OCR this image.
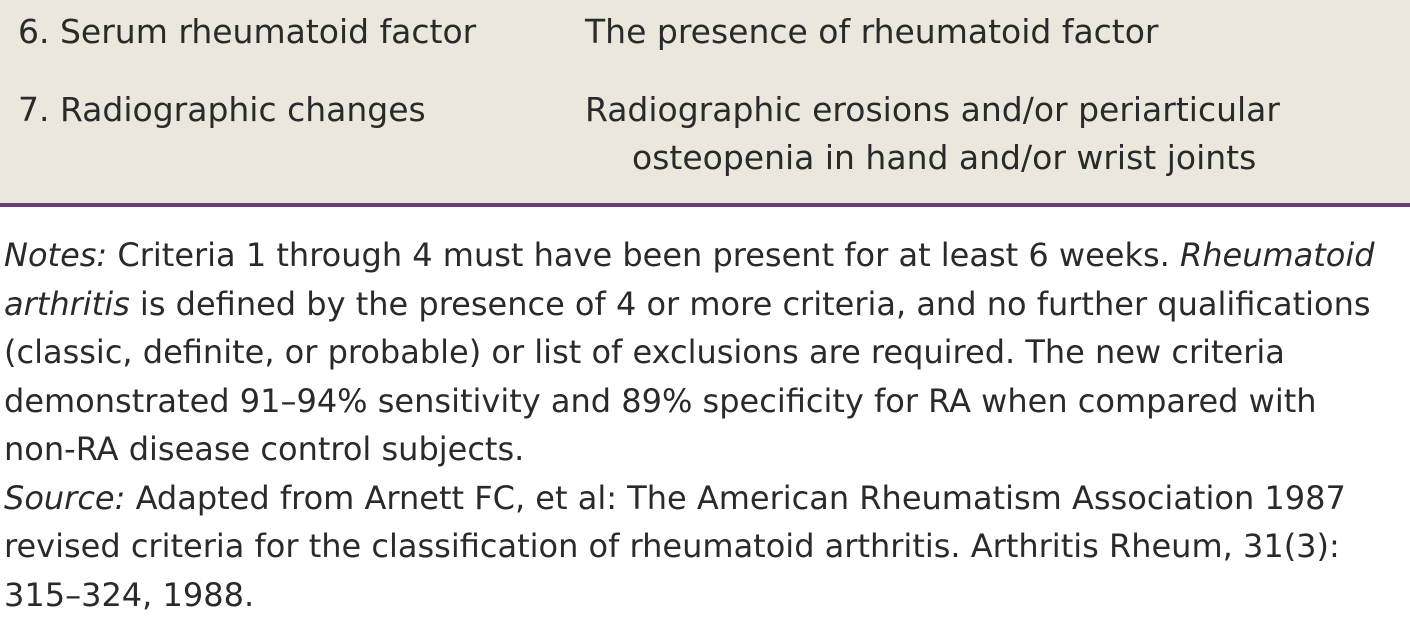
6. Serum rheumatoid factor	The presence of rheumatoid factor
7. Radiographic changes	Radiographic erosions and/or periarticular
osteopenia in hand and/or wrist joints
Notes: Criteria 1 through 4 must have been present for at least 6 weeks. Rheumatoid
arthritis is defined by the presence of 4 or more criteria, and no further qualifications
(classic, definite, or probable) or list of exclusions are required. The new criteria
demonstrated 91–94% sensitivity and 89% specificity for RA when compared with
non-RA disease control subjects.
Source: Adapted from Arnett FC, et al: The American Rheumatism Association 1987
revised criteria for the classification of rheumatoid arthritis. Arthritis Rheum, 31(3):
315–324, 1988.
